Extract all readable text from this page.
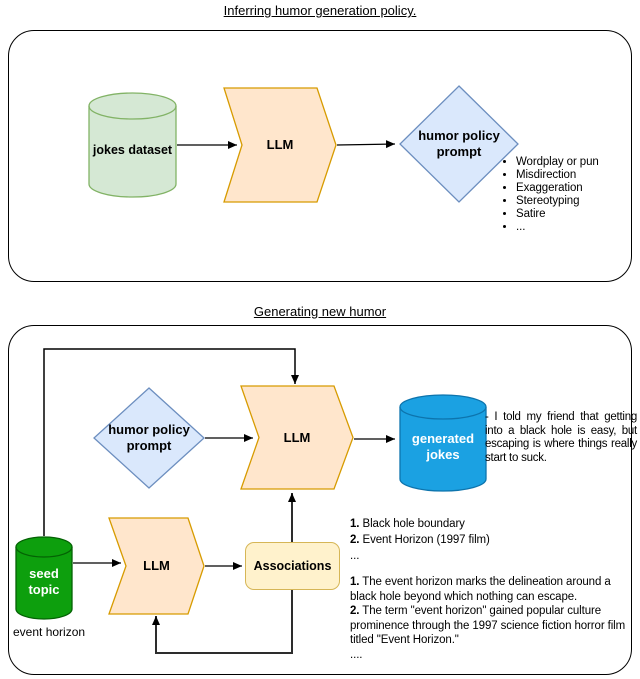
Inferring humor generation policy.
Generating new humor
jokes dataset	LLM
humor policy prompt
• Wordplay or pun
• Misdirection
• Exaggeration
• Stereotyping
• Satire
• ...
humor policy prompt
LLM	generated jokes
- I told my friend that getting into a black hole is easy, but escaping is where things really start to suck.
LLM	Associations
seed topic
event horizon

1. Black hole boundary

2. Event Horizon (1997 film)

...

1. The event horizon marks the delineation around a black hole beyond which nothing can escape.

2. The term "event horizon" gained popular culture prominence through the 1997 science fiction horror film titled "Event Horizon."

....
